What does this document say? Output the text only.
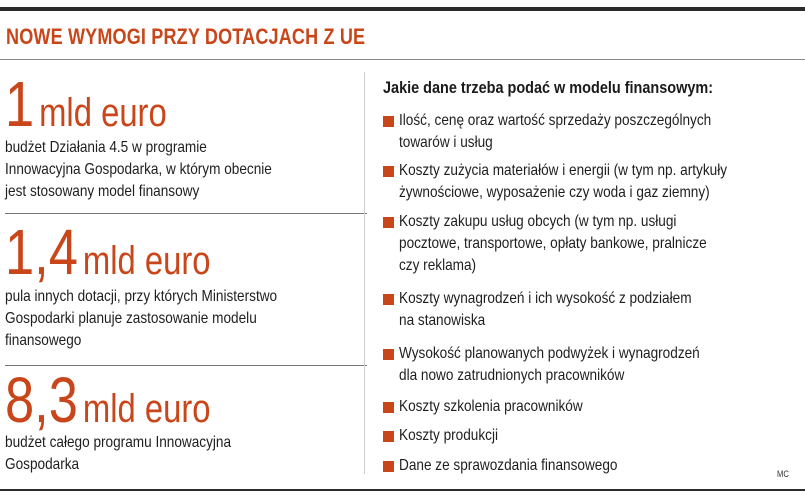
NOWE WYMOGI PRZY DOTACJACH Z UE
1 mld euro
budżet Działania 4.5 w programie
Innowacyjna Gospodarka, w którym obecnie
jest stosowany model finansowy
1,4 mld euro
pula innych dotacji, przy których Ministerstwo
Gospodarki planuje zastosowanie modelu
finansowego
8,3 mld euro
budżet całego programu Innowacyjna
Gospodarka
Jakie dane trzeba podać w modelu finansowym:
Ilość, cenę oraz wartość sprzedaży poszczególnych
towarów i usług
Koszty zużycia materiałów i energii (w tym np. artykuły
żywnościowe, wyposażenie czy woda i gaz ziemny)
Koszty zakupu usług obcych (w tym np. usługi
pocztowe, transportowe, opłaty bankowe, pralnicze
czy reklama)
Koszty wynagrodzeń i ich wysokość z podziałem
na stanowiska
Wysokość planowanych podwyżek i wynagrodzeń
dla nowo zatrudnionych pracowników
Koszty szkolenia pracowników
Koszty produkcji
Dane ze sprawozdania finansowego	MC
